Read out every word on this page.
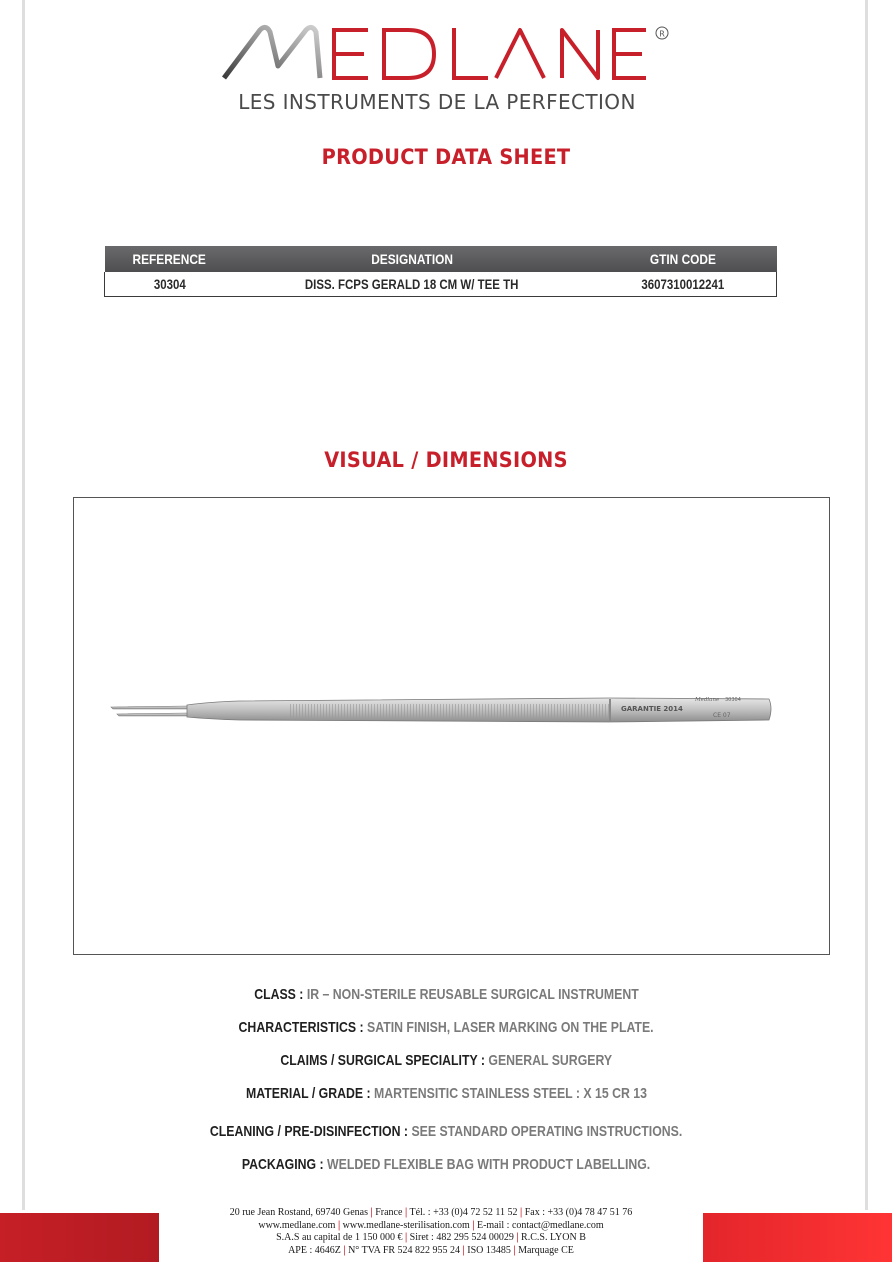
R
LES INSTRUMENTS DE LA PERFECTION
PRODUCT DATA SHEET
REFERENCE	DESIGNATION	GTIN CODE
30304	DISS. FCPS GERALD 18 CM W/ TEE TH	3607310012241
VISUAL / DIMENSIONS
GARANTIE 2014
Medlane 30304
CE 07
CLASS : IR – NON-STERILE REUSABLE SURGICAL INSTRUMENT
CHARACTERISTICS : SATIN FINISH, LASER MARKING ON THE PLATE.
CLAIMS / SURGICAL SPECIALITY : GENERAL SURGERY
MATERIAL / GRADE : MARTENSITIC STAINLESS STEEL : X 15 CR 13
CLEANING / PRE-DISINFECTION : SEE STANDARD OPERATING INSTRUCTIONS.
PACKAGING : WELDED FLEXIBLE BAG WITH PRODUCT LABELLING.
20 rue Jean Rostand, 69740 Genas | France | Tél. : +33 (0)4 72 52 11 52 | Fax : +33 (0)4 78 47 51 76
www.medlane.com | www.medlane-sterilisation.com | E-mail : contact@medlane.com
S.A.S au capital de 1 150 000 € | Siret : 482 295 524 00029 | R.C.S. LYON B
APE : 4646Z | N° TVA FR 524 822 955 24 | ISO 13485 | Marquage CE
